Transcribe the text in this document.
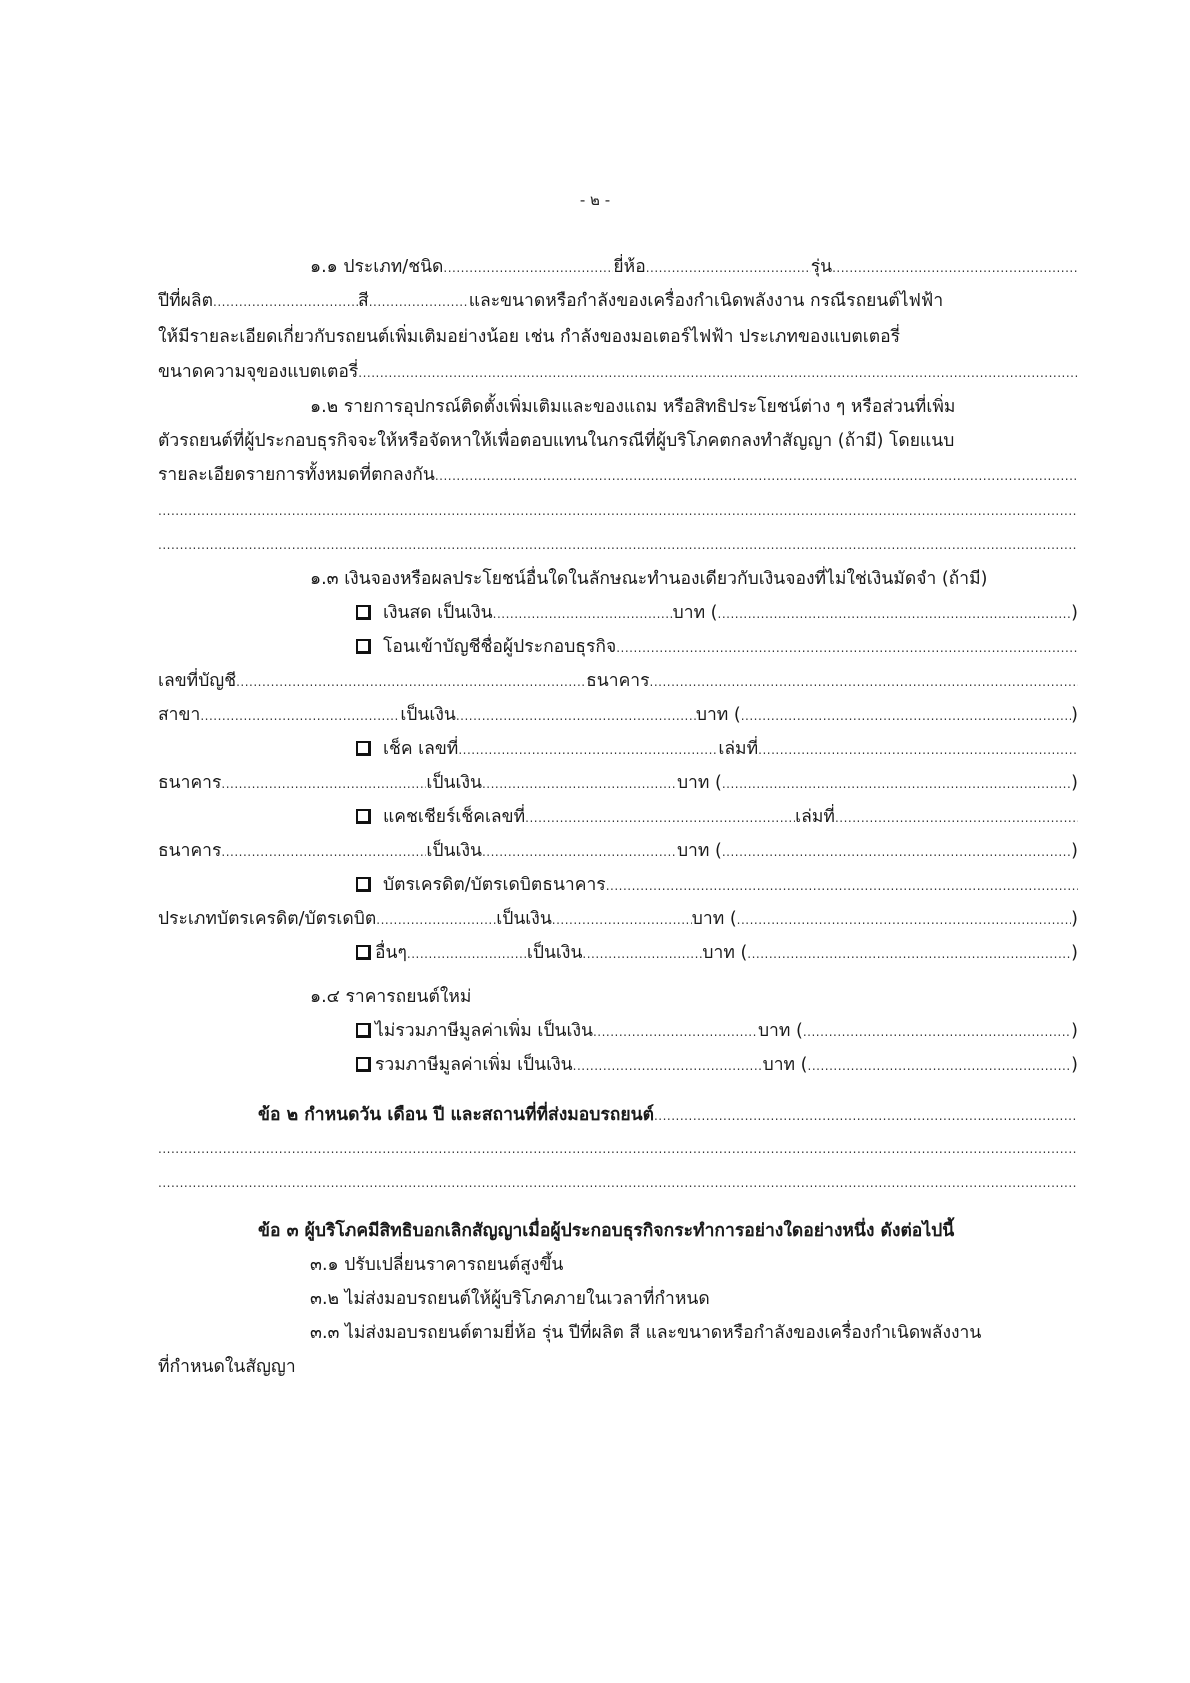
- ๒ -
๑.๑ ประเภท/ชนิด .....	ยี่ห้อ .....	รุ่น
.....
ปีที่ผลิต .....	สี .....	และขนาดหรือกำลังของเครื่องกำเนิดพลังงาน กรณีรถยนต์ไฟฟ้า
ให้มีรายละเอียดเกี่ยวกับรถยนต์เพิ่มเติมอย่างน้อย เช่น กำลังของมอเตอร์ไฟฟ้า ประเภทของแบตเตอรี่
ขนาดความจุของแบตเตอรี่
.....
๑.๒ รายการอุปกรณ์ติดตั้งเพิ่มเติมและของแถม หรือสิทธิประโยชน์ต่าง ๆ หรือส่วนที่เพิ่ม
ตัวรถยนต์ที่ผู้ประกอบธุรกิจจะให้หรือจัดหาให้เพื่อตอบแทนในกรณีที่ผู้บริโภคตกลงทำสัญญา (ถ้ามี) โดยแนบ
รายละเอียดรายการทั้งหมดที่ตกลงกัน
.....
.....
.....
๑.๓ เงินจองหรือผลประโยชน์อื่นใดในลักษณะทำนองเดียวกับเงินจองที่ไม่ใช่เงินมัดจำ (ถ้ามี)
เงินสด เป็นเงิน .....	บาท ( .....	)
โอนเข้าบัญชีชื่อผู้ประกอบธุรกิจ
.....
เลขที่บัญชี .....	ธนาคาร
.....
สาขา .....	เป็นเงิน .....	บาท ( .....	)
เช็ค เลขที่ .....	เล่มที่
.....
ธนาคาร .....	เป็นเงิน .....	บาท ( .....	)
แคชเชียร์เช็คเลขที่ .....	เล่มที่
.....
ธนาคาร .....	เป็นเงิน .....	บาท ( .....	)
บัตรเครดิต/บัตรเดบิตธนาคาร
.....
ประเภทบัตรเครดิต/บัตรเดบิต .....	เป็นเงิน .....	บาท ( .....	)
อื่นๆ .....	เป็นเงิน .....	บาท ( .....	)
๑.๔ ราคารถยนต์ใหม่
ไม่รวมภาษีมูลค่าเพิ่ม เป็นเงิน .....	บาท ( .....	)
รวมภาษีมูลค่าเพิ่ม เป็นเงิน .....	บาท ( .....	)
ข้อ ๒ กำหนดวัน เดือน ปี และสถานที่ที่ส่งมอบรถยนต์
.....
.....
.....
ข้อ ๓ ผู้บริโภคมีสิทธิบอกเลิกสัญญาเมื่อผู้ประกอบธุรกิจกระทำการอย่างใดอย่างหนึ่ง ดังต่อไปนี้
๓.๑ ปรับเปลี่ยนราคารถยนต์สูงขึ้น
๓.๒ ไม่ส่งมอบรถยนต์ให้ผู้บริโภคภายในเวลาที่กำหนด
๓.๓ ไม่ส่งมอบรถยนต์ตามยี่ห้อ รุ่น ปีที่ผลิต สี และขนาดหรือกำลังของเครื่องกำเนิดพลังงาน
ที่กำหนดในสัญญา
